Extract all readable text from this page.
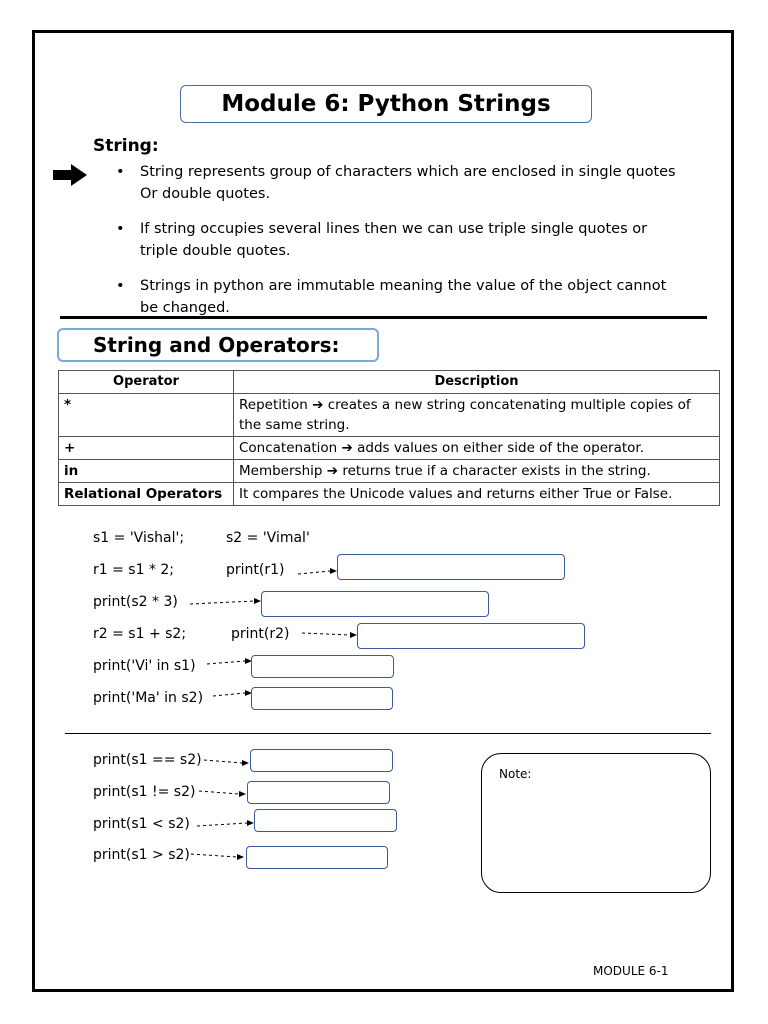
Module 6: Python Strings
String:
• String represents group of characters which are enclosed in single quotes
Or double quotes.
• If string occupies several lines then we can use triple single quotes or
triple double quotes.
• Strings in python are immutable meaning the value of the object cannot
be changed.
String and Operators:
Operator	Description
*	Repetition ➔ creates a new string concatenating multiple copies of the same string.
+	Concatenation ➔ adds values on either side of the operator.
in	Membership ➔ returns true if a character exists in the string.
Relational Operators	It compares the Unicode values and returns either True or False.
s1 = 'Vishal';	s2 = 'Vimal'
r1 = s1 * 2;	print(r1)
print(s2 * 3)
r2 = s1 + s2;	print(r2)
print('Vi' in s1)
print('Ma' in s2)
print(s1 == s2)
print(s1 != s2)
print(s1 < s2)
print(s1 > s2)
Note:
MODULE 6-1
